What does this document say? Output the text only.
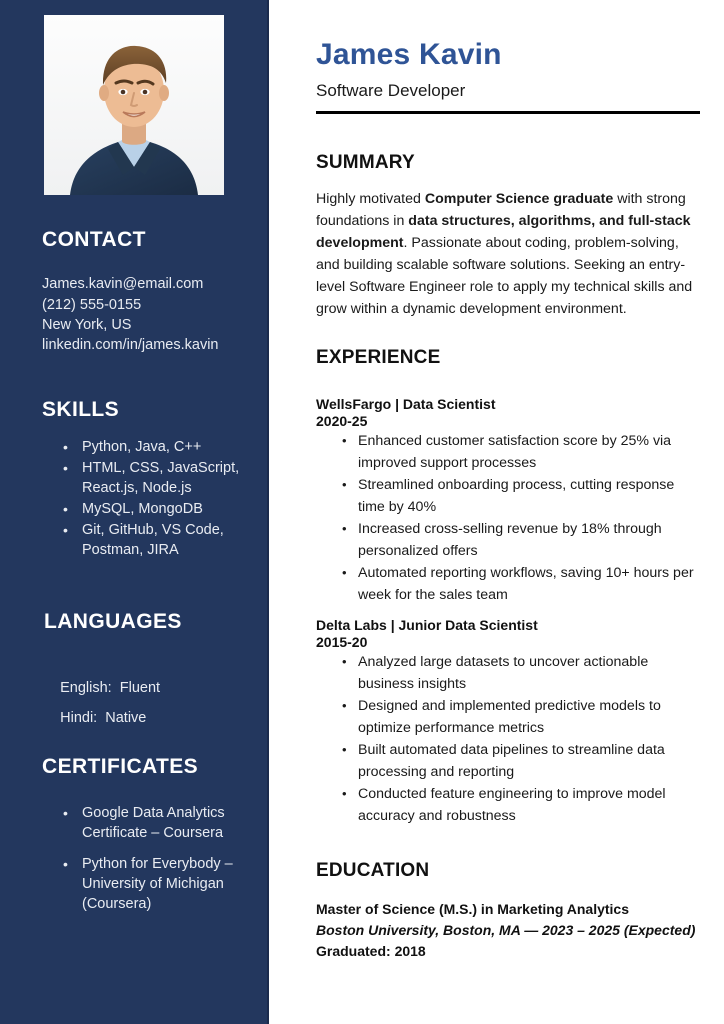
CONTACT
James.kavin@email.com
(212) 555-0155
New York, US
linkedin.com/in/james.kavin
SKILLS
• Python, Java, C++
• HTML, CSS, JavaScript, React.js, Node.js
• MySQL, MongoDB
• Git, GitHub, VS Code, Postman, JIRA
LANGUAGES

English: Fluent

Hindi: Native

CERTIFICATES
• Google Data Analytics Certificate – Coursera
• Python for Everybody – University of Michigan (Coursera)
James Kavin
Software Developer
SUMMARY
Highly motivated Computer Science graduate with strong foundations in data structures, algorithms, and full-stack development. Passionate about coding, problem-solving, and building scalable software solutions. Seeking an entry-level Software Engineer role to apply my technical skills and grow within a dynamic development environment.
EXPERIENCE
WellsFargo | Data Scientist
2020-25
• Enhanced customer satisfaction score by 25% via improved support processes
• Streamlined onboarding process, cutting response time by 40%
• Increased cross-selling revenue by 18% through personalized offers
• Automated reporting workflows, saving 10+ hours per week for the sales team
Delta Labs | Junior Data Scientist
2015-20
• Analyzed large datasets to uncover actionable business insights
• Designed and implemented predictive models to optimize performance metrics
• Built automated data pipelines to streamline data processing and reporting
• Conducted feature engineering to improve model accuracy and robustness
EDUCATION
Master of Science (M.S.) in Marketing Analytics
Boston University, Boston, MA — 2023 – 2025 (Expected)
Graduated: 2018
